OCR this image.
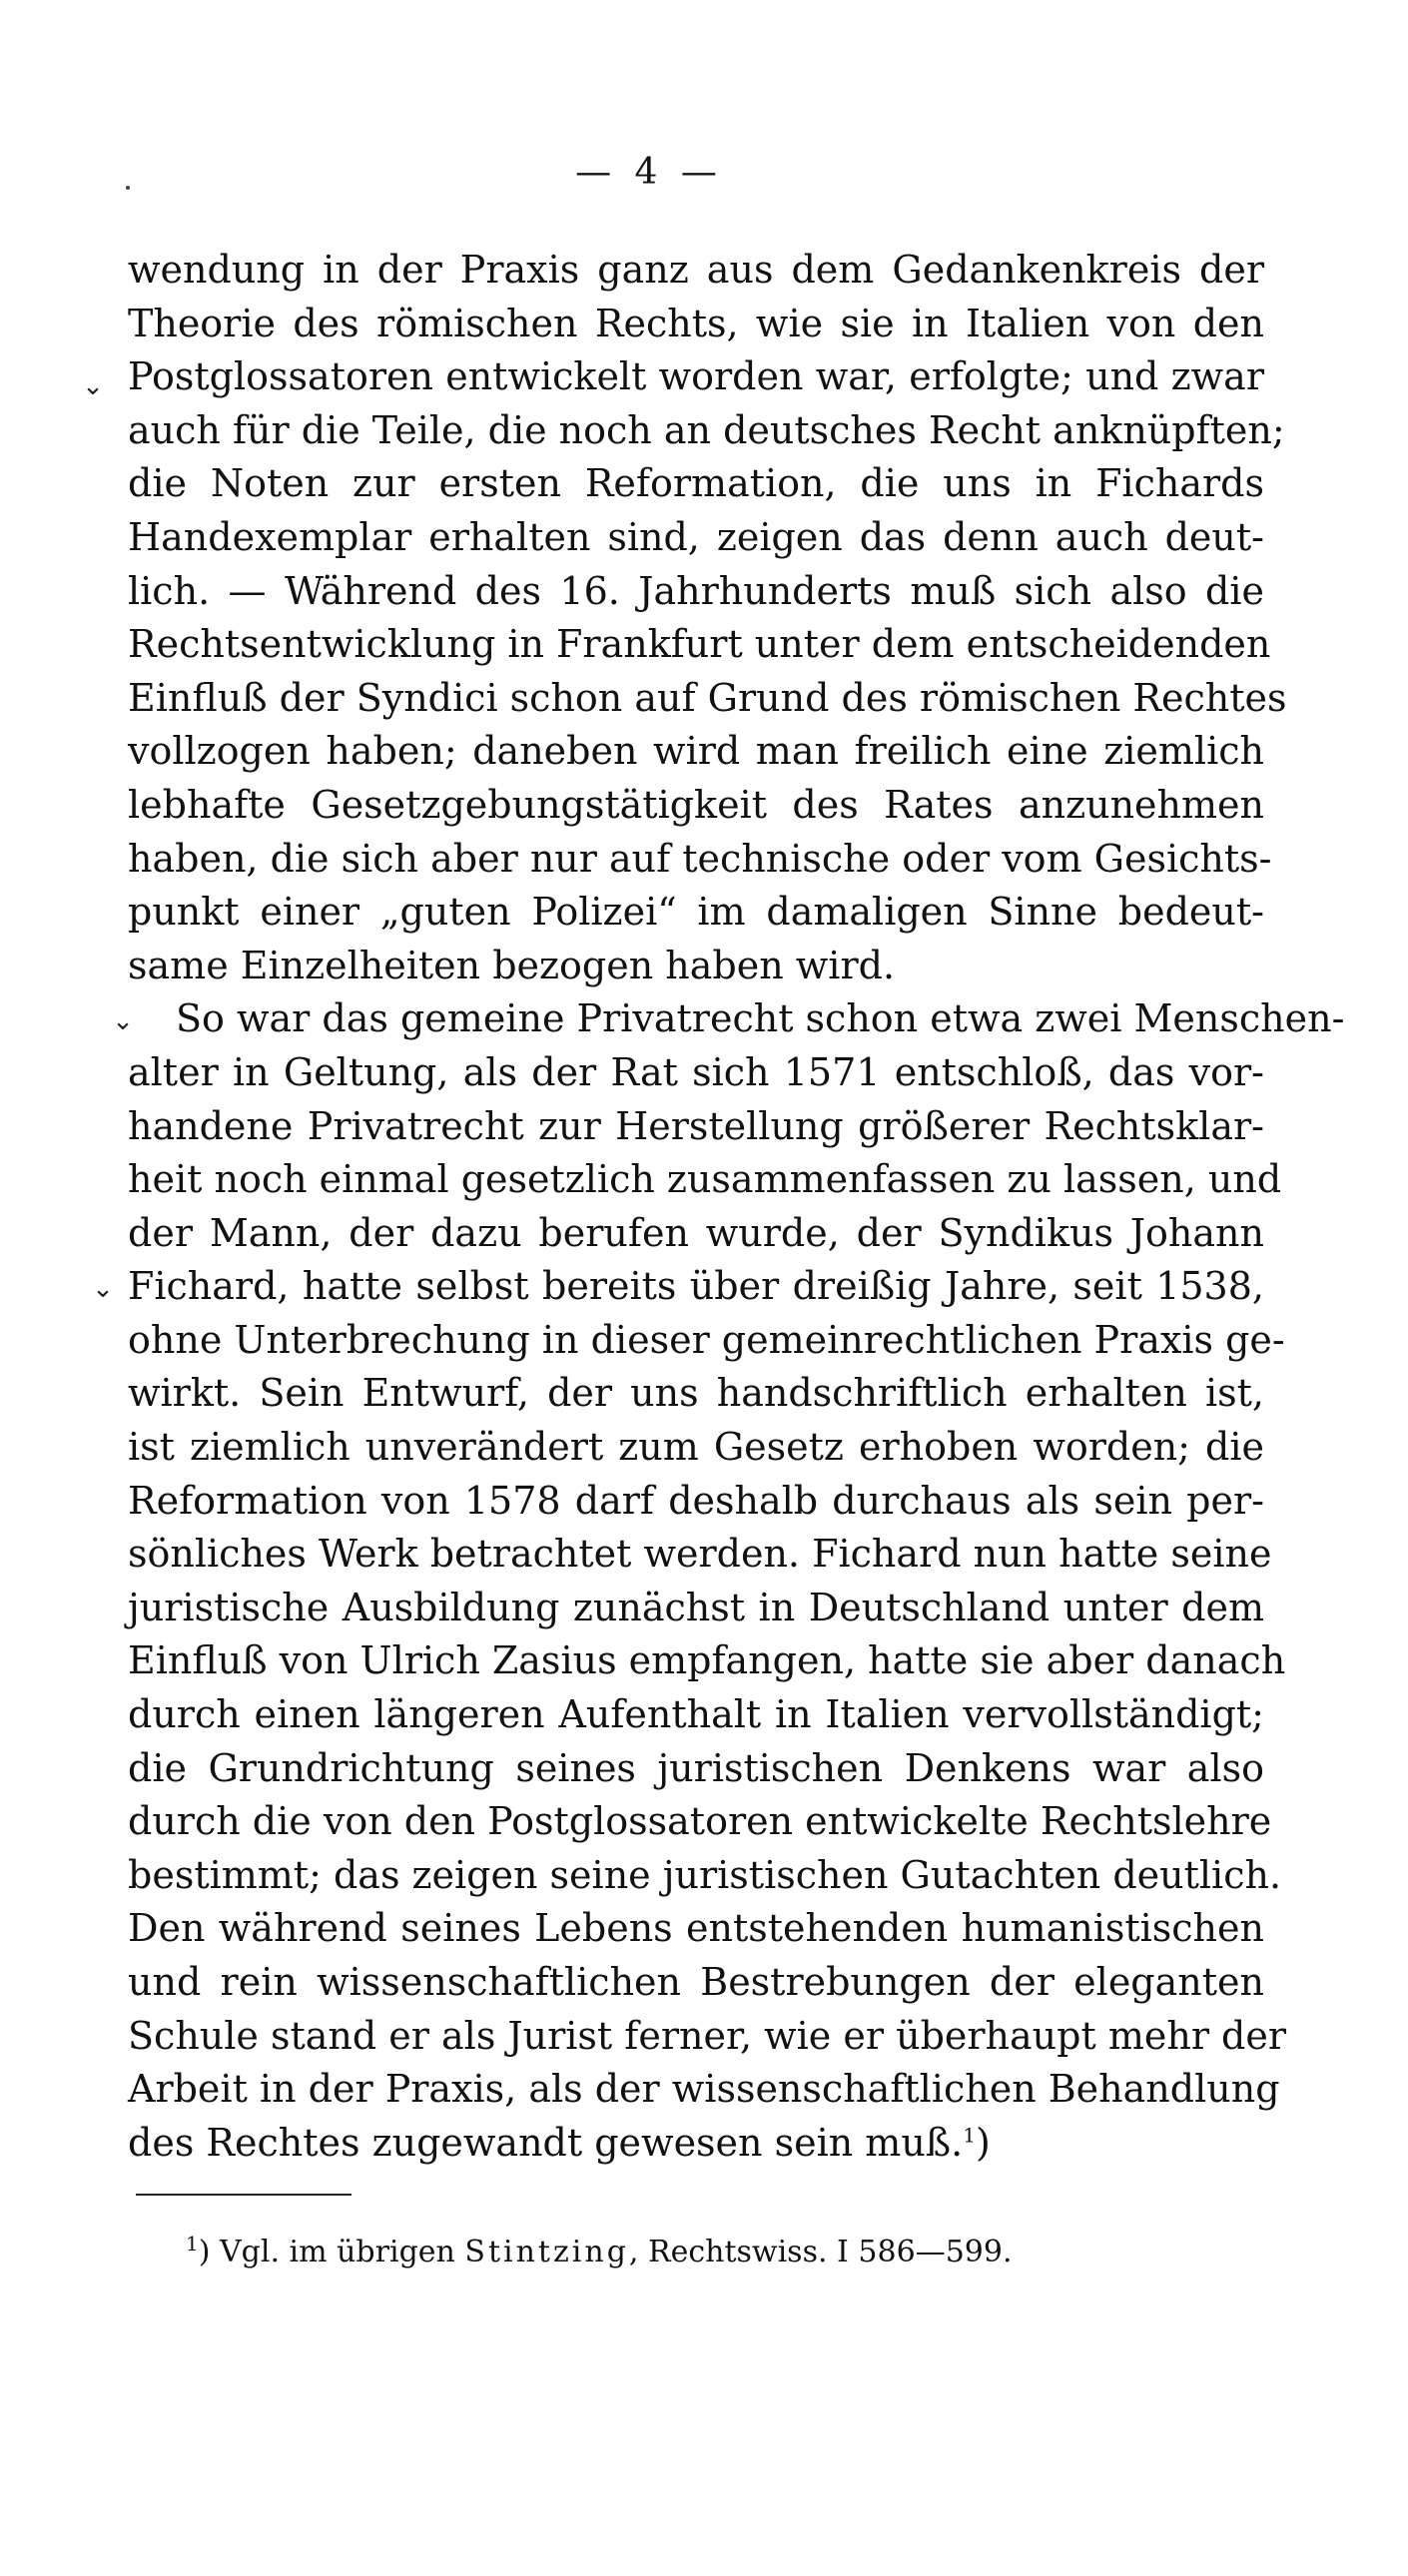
— 4 —
⌄
⌄
⌄
wendung in der Praxis ganz aus dem Gedankenkreis der
Theorie des römischen Rechts, wie sie in Italien von den
Postglossatoren entwickelt worden war, erfolgte; und zwar
auch für die Teile, die noch an deutsches Recht anknüpften;
die Noten zur ersten Reformation, die uns in Fichards
Handexemplar erhalten sind, zeigen das denn auch deut-
lich. — Während des 16. Jahrhunderts muß sich also die
Rechtsentwicklung in Frankfurt unter dem entscheidenden
Einfluß der Syndici schon auf Grund des römischen Rechtes
vollzogen haben; daneben wird man freilich eine ziemlich
lebhafte Gesetzgebungstätigkeit des Rates anzunehmen
haben, die sich aber nur auf technische oder vom Gesichts-
punkt einer „guten Polizei“ im damaligen Sinne bedeut-
same Einzelheiten bezogen haben wird.
So war das gemeine Privatrecht schon etwa zwei Menschen-
alter in Geltung, als der Rat sich 1571 entschloß, das vor-
handene Privatrecht zur Herstellung größerer Rechtsklar-
heit noch einmal gesetzlich zusammenfassen zu lassen, und
der Mann, der dazu berufen wurde, der Syndikus Johann
Fichard, hatte selbst bereits über dreißig Jahre, seit 1538,
ohne Unterbrechung in dieser gemeinrechtlichen Praxis ge-
wirkt. Sein Entwurf, der uns handschriftlich erhalten ist,
ist ziemlich unverändert zum Gesetz erhoben worden; die
Reformation von 1578 darf deshalb durchaus als sein per-
sönliches Werk betrachtet werden. Fichard nun hatte seine
juristische Ausbildung zunächst in Deutschland unter dem
Einfluß von Ulrich Zasius empfangen, hatte sie aber danach
durch einen längeren Aufenthalt in Italien vervollständigt;
die Grundrichtung seines juristischen Denkens war also
durch die von den Postglossatoren entwickelte Rechtslehre
bestimmt; das zeigen seine juristischen Gutachten deutlich.
Den während seines Lebens entstehenden humanistischen
und rein wissenschaftlichen Bestrebungen der eleganten
Schule stand er als Jurist ferner, wie er überhaupt mehr der
Arbeit in der Praxis, als der wissenschaftlichen Behandlung
des Rechtes zugewandt gewesen sein muß.$^1$)
$^1$) Vgl. im übrigen Stintzing, Rechtswiss. I 586—599.
